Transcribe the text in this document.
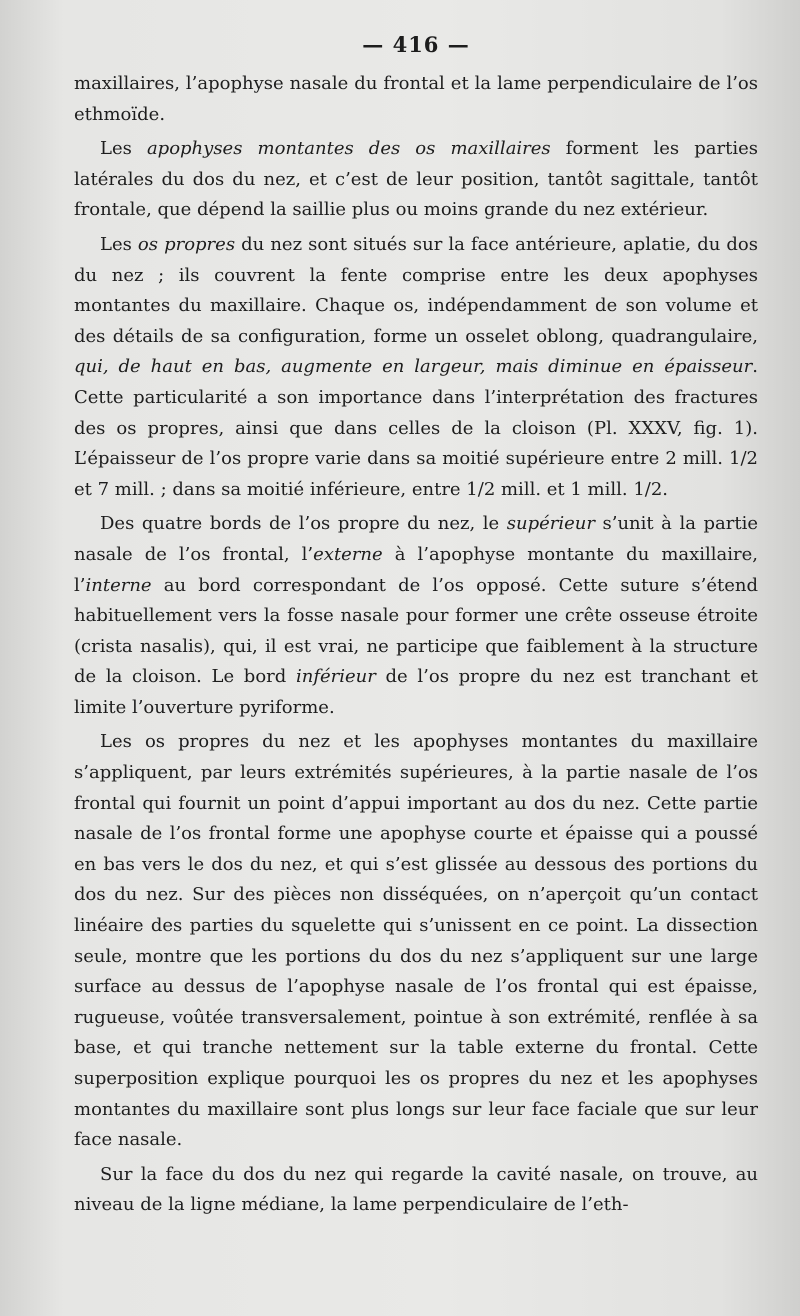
— 416 —

maxillaires, l’apophyse nasale du frontal et la lame perpendiculaire de l’os ethmoïde.

Les apophyses montantes des os maxillaires forment les parties latérales du dos du nez, et c’est de leur position, tantôt sagittale, tantôt frontale, que dépend la saillie plus ou moins grande du nez extérieur.

Les os propres du nez sont situés sur la face antérieure, aplatie, du dos du nez ; ils couvrent la fente comprise entre les deux apophyses montantes du maxillaire. Chaque os, indépendamment de son volume et des détails de sa configuration, forme un osselet oblong, quadrangulaire, qui, de haut en bas, augmente en largeur, mais diminue en épaisseur. Cette particularité a son importance dans l’interprétation des fractures des os propres, ainsi que dans celles de la cloison (Pl. XXXV, fig. 1). L’épaisseur de l’os propre varie dans sa moitié supérieure entre 2 mill. 1/2 et 7 mill. ; dans sa moitié inférieure, entre 1/2 mill. et 1 mill. 1/2.

Des quatre bords de l’os propre du nez, le supérieur s’unit à la partie nasale de l’os frontal, l’externe à l’apophyse montante du maxillaire, l’interne au bord correspondant de l’os opposé. Cette suture s’étend habituellement vers la fosse nasale pour former une crête osseuse étroite (crista nasalis), qui, il est vrai, ne participe que faiblement à la structure de la cloison. Le bord inférieur de l’os propre du nez est tranchant et limite l’ouverture pyriforme.

Les os propres du nez et les apophyses montantes du maxillaire s’appliquent, par leurs extrémités supérieures, à la partie nasale de l’os frontal qui fournit un point d’appui important au dos du nez. Cette partie nasale de l’os frontal forme une apophyse courte et épaisse qui a poussé en bas vers le dos du nez, et qui s’est glissée au dessous des portions du dos du nez. Sur des pièces non disséquées, on n’aperçoit qu’un contact linéaire des parties du squelette qui s’unissent en ce point. La dissection seule, montre que les portions du dos du nez s’appliquent sur une large surface au dessus de l’apophyse nasale de l’os frontal qui est épaisse, rugueuse, voûtée transversalement, pointue à son extrémité, renflée à sa base, et qui tranche nettement sur la table externe du frontal. Cette superposition explique pourquoi les os propres du nez et les apophyses montantes du maxillaire sont plus longs sur leur face faciale que sur leur face nasale.

Sur la face du dos du nez qui regarde la cavité nasale, on trouve, au niveau de la ligne médiane, la lame perpendiculaire de l’eth-
